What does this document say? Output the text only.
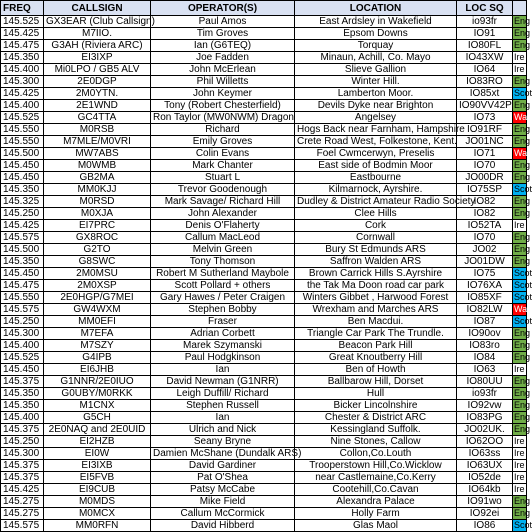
FREQ	CALLSIGN	OPERATOR(S)	LOCATION	LOC SQ	
145.525	GX3EAR (Club Callsign)	Paul Amos	East Ardsley in Wakefield	io93fr	Eng
145.425	M7IIO.	Tim Groves	Epsom Downs	IO91	Eng
145.475	G3AH (Riviera ARC)	Ian (G6TEQ)	Torquay	IO80FL	Eng
145.350	EI3IXP	Joe Fadden	Minaun, Achill, Co. Mayo	IO43XW	Ire
145.400	Mi0LPO / GB5 ALV	John McErlean	Slieve Gallion	IO64	Ire
145.300	2E0DGP	Phil Willetts	Winter Hill.	IO83RO	Eng
145.425	2M0YTN.	John Keymer	Lamberton Moor.	IO85xt	Scot
145.400	2E1WND	Tony (Robert Chesterfield)	Devils Dyke near Brighton	IO90VV42P	Eng
145.525	GC4TTA	Ron Taylor (MW0NWM) Dragon	Angelsey	IO73	Wal
145.550	M0RSB	Richard	Hogs Back near Farnham, Hampshire	IO91RF	Eng
145.550	M7MLE/M0VRI	Emily Groves	Crete Road West, Folkestone, Kent.	JO01NC	Eng
145.500	MW7ABS	Colin Evans	Foel Cwmcerwyn, Preselis	IO71	Wal
145.450	M0WMB	Mark Chanter	East side of Bodmin Moor	IO70	Eng
145.450	GB2MA	Stuart L	Eastbourne	JO00DR	Eng
145.350	MM0KJJ	Trevor Goodenough	Kilmarnock, Ayrshire.	IO75SP	Scot
145.325	M0RSD	Mark Savage/ Richard Hill	Dudley & District Amateur Radio Society	IO82	Eng
145.250	M0XJA	John Alexander	Clee Hills	IO82	Eng
145.425	EI7PRC	Denis O'Flaherty	Cork	IO52TA	Ire
145.575	GX8ROC	Callum MacLeod	Cornwall	IO70	Eng
145.500	G2TO	Melvin Green	Bury St Edmunds ARS	JO02	Eng
145.350	G8SWC	Tony Thomson	Saffron Walden ARS	JO01DW	Eng
145.450	2M0MSU	Robert M Sutherland Maybole	Brown Carrick Hills S.Ayrshire	IO75	Scot
145.475	2M0XSP	Scott Pollard + others	the Tak Ma Doon road car park	IO76XA	Scot
145.550	2E0HGP/G7MEI	Gary Hawes / Peter Craigen	Winters Gibbet , Harwood Forest	IO85XF	Scot
145.575	GW4WXM	Stephen Bobby	Wrexham and Marches ARS	IO82LW	Wal
145.250	MM0EFI	Fraser	Ben Macdui.	IO87	Scot
145.300	M7EFA	Adrian Corbett	Triangle Car Park The Trundle.	IO90ov	Eng
145.400	M7SZY	Marek Szymanski	Beacon Park Hill	IO83ro	Eng
145.525	G4IPB	Paul Hodgkinson	Great Knoutberry Hill	IO84	Eng
145.450	EI6JHB	Ian	Ben of Howth	IO63	Ire
145.375	G1NNR/2E0IUO	David Newman (G1NRR)	Ballbarow Hill, Dorset	IO80UU	Eng
145.350	G0UBY/M0RKK	Leigh Duffill/ Richard	Hull	io93fr	Eng
145.350	M1CNX	Stephen Russell	Bicker Lincolnshire	IO92vw	Eng
145.400	G5CH	Ian	Chester & District ARC	IO83PG	Eng
145.375	2E0NAQ and 2E0UID	Ulrich and Nick	Kessingland Suffolk.	JO02UK.	Eng
145.250	EI2HZB	Seany Bryne	Nine Stones, Callow	IO62OO	Ire
145.300	EI0W	Damien McShane (Dundalk ARS)	Collon,Co.Louth	IO63ss	Ire
145.375	EI3IXB	David Gardiner	Trooperstown Hill,Co.Wicklow	IO63UX	Ire
145.375	EI5FVB	Pat O'Shea	near Castlemaine,Co.Kerry	IO52de	Ire
145.425	EI9CUB	Patsy McCabe	Cootehill,Co.Cavan	IO64kb	Ire
145.275	M0MDS	Mike Field	Alexandra Palace	IO91wo	Eng
145.275	M0MCX	Callum McCormick	Holly Farm	IO92ei	Eng
145.575	MM0RFN	David Hibberd	Glas Maol	IO86	Scot
